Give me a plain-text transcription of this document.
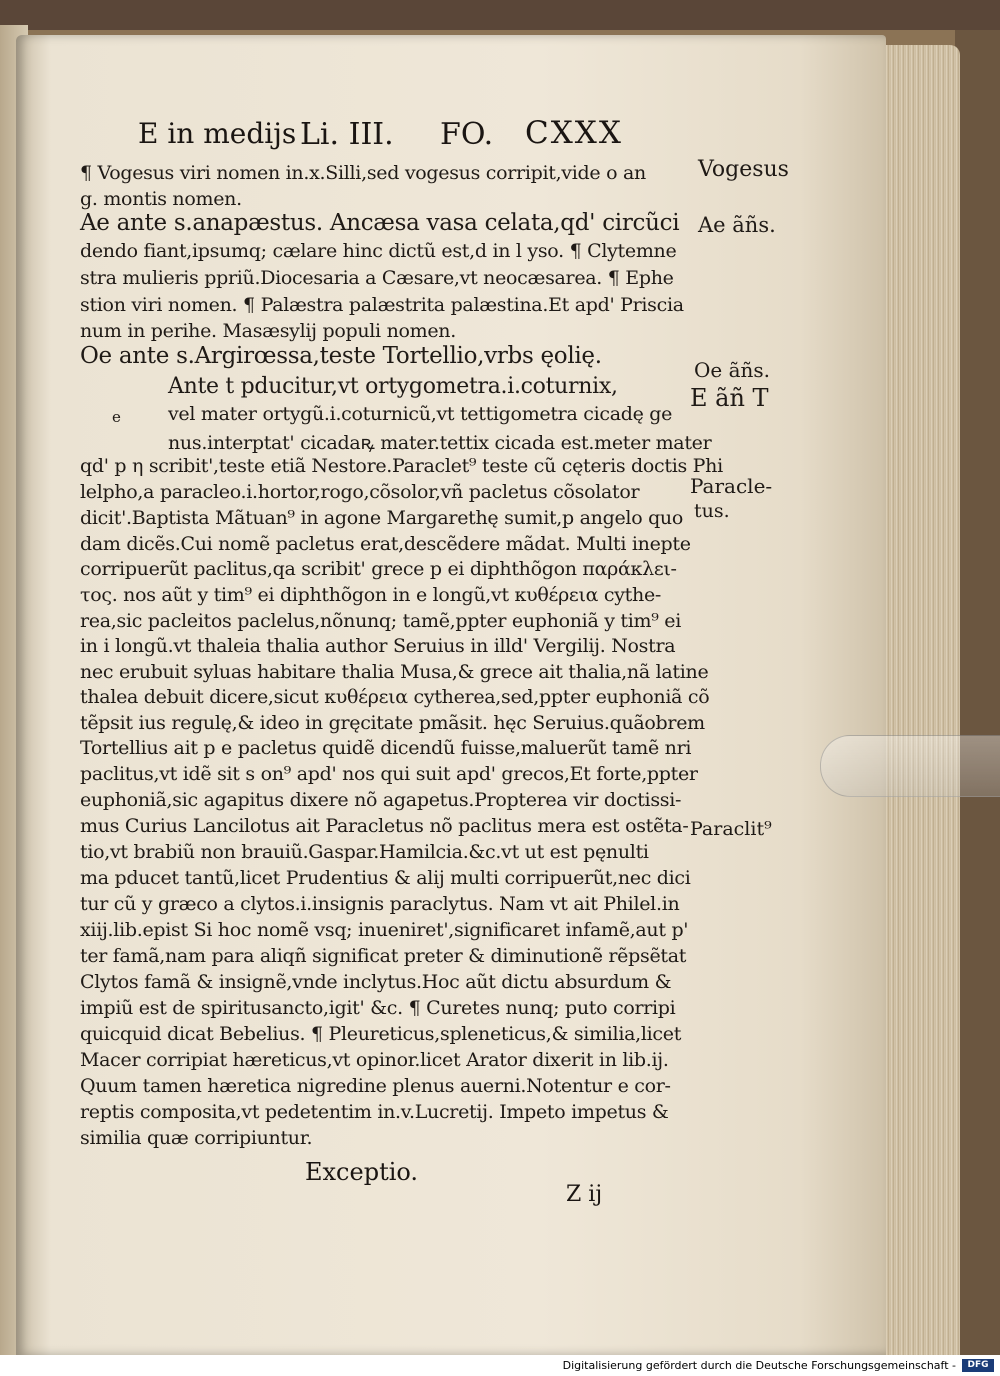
E in medijs Li. III. FO. CXXX
¶ Vogesus viri nomen in.x.Silli,sed vogesus corripit,vide o an
g. montis nomen.
Ae ante s.anapæstus. Ancæsa vasa celata,qd' circũci
dendo fiant,ipsumq; cælare hinc dictũ est,d in l yso. ¶ Clytemne
stra mulieris ppriũ.Diocesaria a Cæsare,vt neocæsarea. ¶ Ephe
stion viri nomen. ¶ Palæstra palæstrita palæstina.Et apd' Priscia
num in perihe. Masæsylij populi nomen.
Oe ante s.Argirœssa,teste Tortellio,vrbs ęolię.
Ante t pducitur,vt ortygometra.i.coturnix,
e vel mater ortygũ.i.coturnicũ,vt tettigometra cicadę ge
nus.interptat' cicadaꝶ mater.tettix cicada est.meter mater
qd' p η scribit',teste etiã Nestore.Paraclet⁹ teste cũ cęteris doctis Phi
lelpho,a paracleo.i.hortor,rogo,cõsolor,vñ pacletus cõsolator
dicit'.Baptista Mãtuan⁹ in agone Margarethę sumit,p angelo quo
dam dicẽs.Cui nomẽ pacletus erat,descẽdere mãdat. Multi inepte
corripuerũt paclitus,qa scribit' grece p ei diphthõgon παράκλει-
τος. nos aũt y tim⁹ ei diphthõgon in e longũ,vt κυθέρεια cythe-
rea,sic pacleitos paclelus,nõnunq; tamẽ,ppter euphoniã y tim⁹ ei
in i longũ.vt thaleia thalia author Seruius in illd' Vergilij. Nostra
nec erubuit syluas habitare thalia Musa,& grece ait thalia,nã latine
thalea debuit dicere,sicut κυθέρεια cytherea,sed,ppter euphoniã cõ
tẽpsit ius regulę,& ideo in gręcitate pmãsit. hęc Seruius.quãobrem
Tortellius ait p e pacletus quidẽ dicendũ fuisse,maluerũt tamẽ nri
paclitus,vt idẽ sit s on⁹ apd' nos qui suit apd' grecos,Et forte,ppter
euphoniã,sic agapitus dixere nõ agapetus.Propterea vir doctissi-
mus Curius Lancilotus ait Paracletus nõ paclitus mera est ostẽta-
tio,vt brabiũ non brauiũ.Gaspar.Hamilcia.&c.vt ut est pęnulti
ma pducet tantũ,licet Prudentius & alij multi corripuerũt,nec dici
tur cũ y græco a clytos.i.insignis paraclytus. Nam vt ait Philel.in
xiij.lib.epist Si hoc nomẽ vsq; inueniret',significaret infamẽ,aut p'
ter famã,nam para aliqñ significat preter & diminutionẽ rẽpsẽtat
Clytos famã & insignẽ,vnde inclytus.Hoc aũt dictu absurdum &
impiũ est de spiritusancto,igit' &c. ¶ Curetes nunq; puto corripi
quicquid dicat Bebelius. ¶ Pleureticus,spleneticus,& similia,licet
Macer corripiat hæreticus,vt opinor.licet Arator dixerit in lib.ij.
Quum tamen hæretica nigredine plenus auerni.Notentur e cor-
reptis composita,vt pedetentim in.v.Lucretij. Impeto impetus &
similia quæ corripiuntur.
Exceptio.
Z ij
Vogesus
Ae ãñs.
Oe ãñs.
E ãñ T
Paracle-
tus.
Paraclit⁹
Digitalisierung gefördert durch die Deutsche Forschungsgemeinschaft -	DFG
